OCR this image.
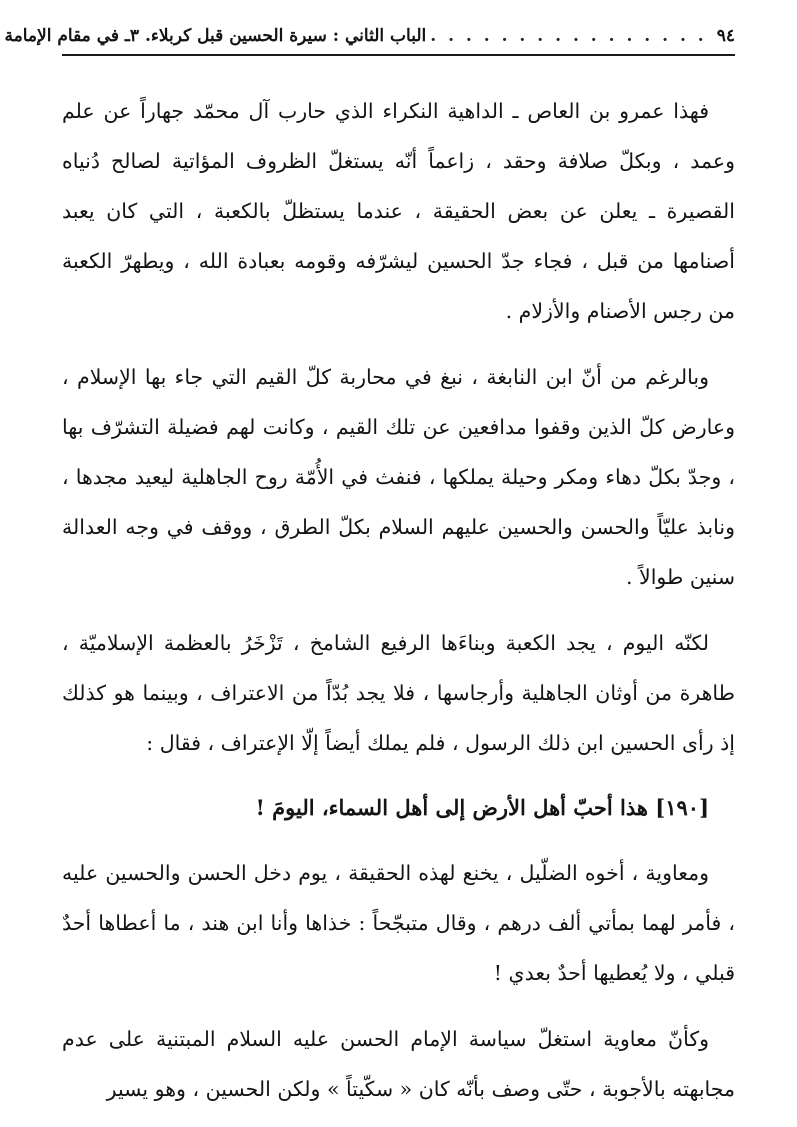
٩٤
. . . . . . . . . . . . . . . .
الباب الثاني : سيرة الحسين قبل كربلاء. ٣ـ في مقام الإمامة

فهذا عمرو بن العاص ـ الداهية النكراء الذي حارب آل محمّد جهاراً عن علم وعمد ، وبكلّ صلافة وحقد ، زاعماً أنّه يستغلّ الظروف المؤاتية لصالح دُنياه القصيرة ـ يعلن عن بعض الحقيقة ، عندما يستظلّ بالكعبة ، التي كان يعبد أصنامها من قبل ، فجاء جدّ الحسين ليشرّفه وقومه بعبادة الله ، ويطهرّ الكعبة من رجس الأصنام والأزلام .

وبالرغم من أنّ ابن النابغة ، نبغ في محاربة كلّ القيم التي جاء بها الإسلام ، وعارض كلّ الذين وقفوا مدافعين عن تلك القيم ، وكانت لهم فضيلة التشرّف بها ، وجدّ بكلّ دهاء ومكر وحيلة يملكها ، فنفث في الأُمّة روح الجاهلية ليعيد مجدها ، ونابذ عليّاً والحسن والحسين عليهم السلام بكلّ الطرق ، ووقف في وجه العدالة سنين طوالاً .

لكنّه اليوم ، يجد الكعبة وبناءَها الرفيع الشامخ ، تَزْخَرُ بالعظمة الإسلاميّة ، طاهرة من أوثان الجاهلية وأرجاسها ، فلا يجد بُدّاً من الاعتراف ، وبينما هو كذلك إذ رأى الحسين ابن ذلك الرسول ، فلم يملك أيضاً إلّا الإعتراف ، فقال :

[١٩٠] هذا أحبّ أهل الأرض إلى أهل السماء، اليومَ !

ومعاوية ، أخوه الضلّيل ، يخنع لهذه الحقيقة ، يوم دخل الحسن والحسين عليه ، فأمر لهما بمأتي ألف درهم ، وقال متبجّحاً : خذاها وأنا ابن هند ، ما أعطاها أحدٌ قبلي ، ولا يُعطيها أحدٌ بعدي !

وكأنّ معاوية استغلّ سياسة الإمام الحسن عليه السلام المبتنية على عدم مجابهته بالأجوبة ، حتّى وصف بأنّه كان « سكّيتاً » ولكن الحسين ، وهو يسير
